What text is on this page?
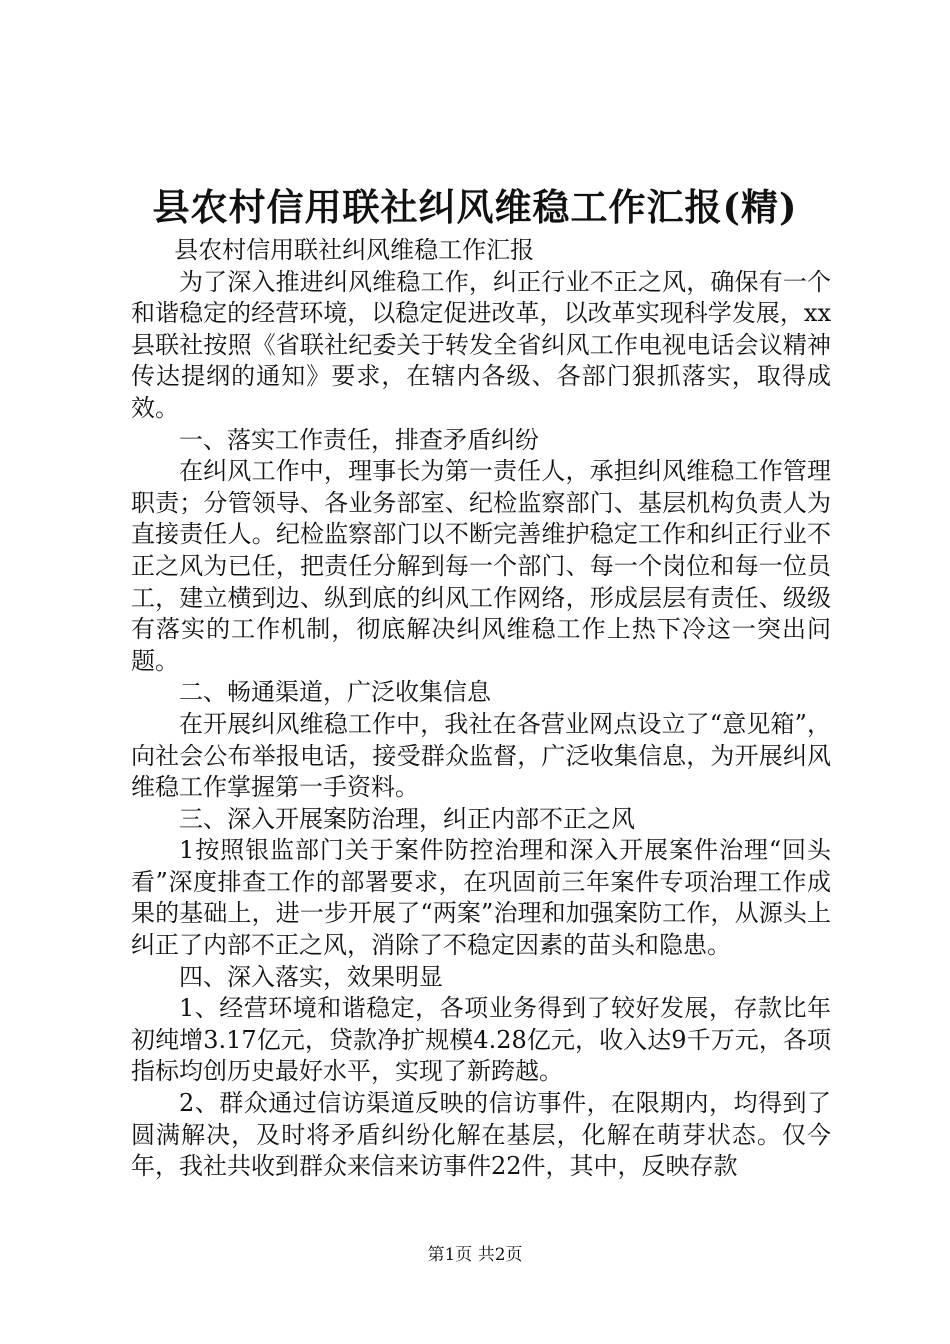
县农村信用联社纠风维稳工作汇报(精)

县农村信用联社纠风维稳工作汇报

为了深入推进纠风维稳工作，纠正行业不正之风，确保有一个和谐稳定的经营环境，以稳定促进改革，以改革实现科学发展，xx县联社按照《省联社纪委关于转发全省纠风工作电视电话会议精神传达提纲的通知》要求，在辖内各级、各部门狠抓落实，取得成效。

一、落实工作责任，排查矛盾纠纷

在纠风工作中，理事长为第一责任人，承担纠风维稳工作管理职责；分管领导、各业务部室、纪检监察部门、基层机构负责人为直接责任人。纪检监察部门以不断完善维护稳定工作和纠正行业不正之风为已任，把责任分解到每一个部门、每一个岗位和每一位员工，建立横到边、纵到底的纠风工作网络，形成层层有责任、级级有落实的工作机制，彻底解决纠风维稳工作上热下冷这一突出问题。

二、畅通渠道，广泛收集信息

在开展纠风维稳工作中，我社在各营业网点设立了“意见箱”，向社会公布举报电话，接受群众监督，广泛收集信息，为开展纠风维稳工作掌握第一手资料。

三、深入开展案防治理，纠正内部不正之风

1按照银监部门关于案件防控治理和深入开展案件治理“回头看”深度排查工作的部署要求，在巩固前三年案件专项治理工作成果的基础上，进一步开展了“两案”治理和加强案防工作，从源头上纠正了内部不正之风，消除了不稳定因素的苗头和隐患。

四、深入落实，效果明显

1、经营环境和谐稳定，各项业务得到了较好发展，存款比年初纯增3.17亿元，贷款净扩规模4.28亿元，收入达9千万元，各项指标均创历史最好水平，实现了新跨越。

2、群众通过信访渠道反映的信访事件，在限期内，均得到了圆满解决，及时将矛盾纠纷化解在基层，化解在萌芽状态。仅今年，我社共收到群众来信来访事件22件，其中，反映存款

第1页 共2页
